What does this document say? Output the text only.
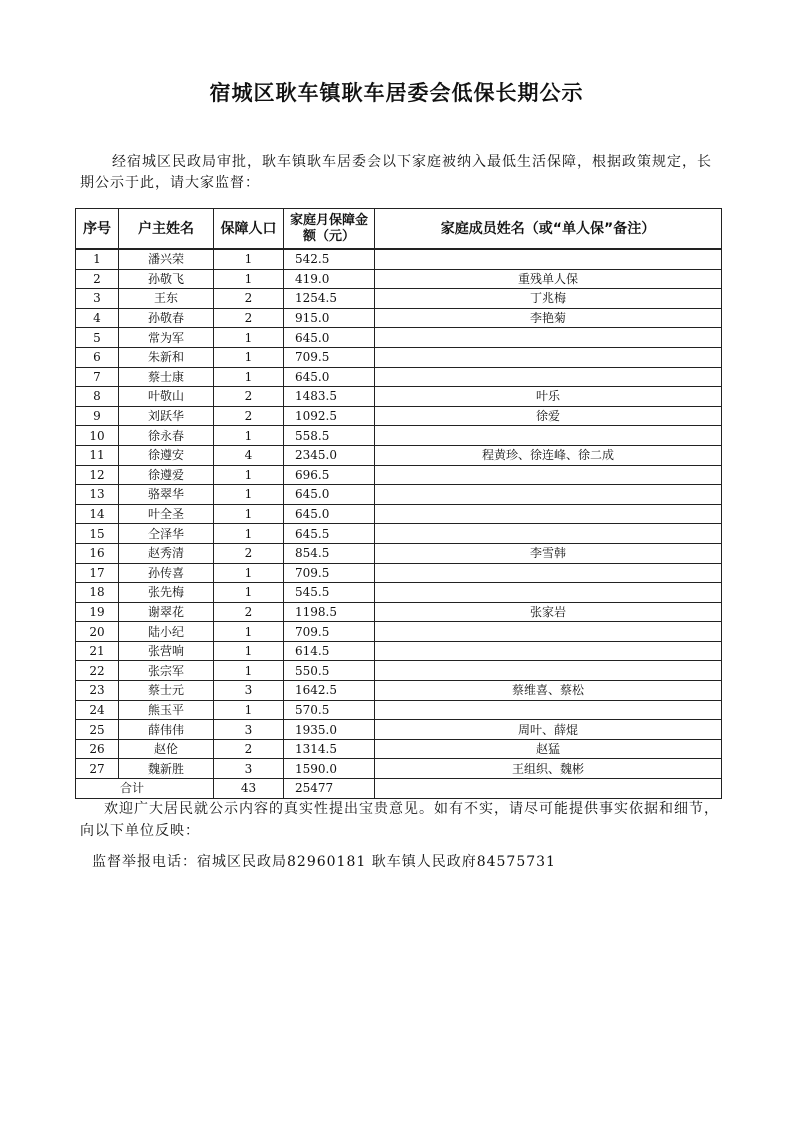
宿城区耿车镇耿车居委会低保长期公示

经宿城区民政局审批，耿车镇耿车居委会以下家庭被纳入最低生活保障，根据政策规定，长期公示于此，请大家监督：

序号	户主姓名	保障人口	家庭月保障金额（元）	家庭成员姓名（或“单人保”备注）
1	潘兴荣	1	542.5	
2	孙敬飞	1	419.0	重残单人保
3	王东	2	1254.5	丁兆梅
4	孙敬春	2	915.0	李艳菊
5	常为军	1	645.0	
6	朱新和	1	709.5	
7	蔡士康	1	645.0	
8	叶敬山	2	1483.5	叶乐
9	刘跃华	2	1092.5	徐爱
10	徐永春	1	558.5	
11	徐遵安	4	2345.0	程黄珍、徐连峰、徐二成
12	徐遵爱	1	696.5	
13	骆翠华	1	645.0	
14	叶全圣	1	645.0	
15	仝泽华	1	645.5	
16	赵秀清	2	854.5	李雪韩
17	孙传喜	1	709.5	
18	张先梅	1	545.5	
19	谢翠花	2	1198.5	张家岩
20	陆小纪	1	709.5	
21	张营响	1	614.5	
22	张宗军	1	550.5	
23	蔡士元	3	1642.5	蔡维喜、蔡松
24	熊玉平	1	570.5	
25	薛伟伟	3	1935.0	周叶、薛焜
26	赵伦	2	1314.5	赵猛
27	魏新胜	3	1590.0	王组织、魏彬
合计		43	25477	

欢迎广大居民就公示内容的真实性提出宝贵意见。如有不实，请尽可能提供事实依据和细节，向以下单位反映：

监督举报电话：宿城区民政局82960181 耿车镇人民政府84575731
